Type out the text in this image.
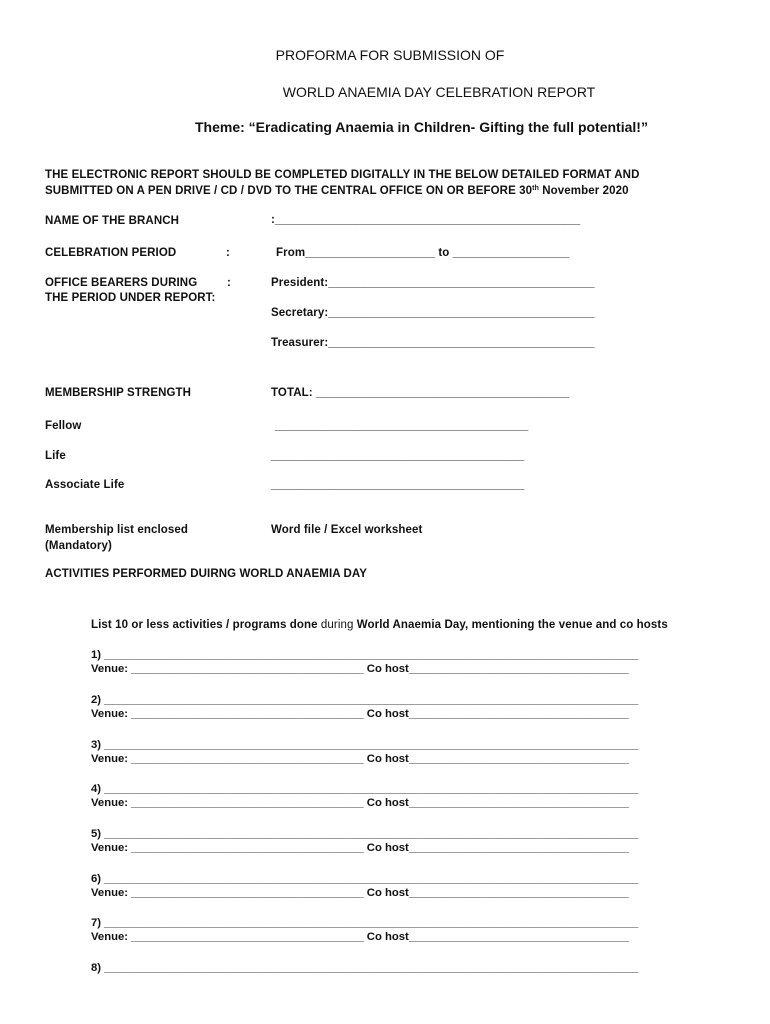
PROFORMA FOR SUBMISSION OF
WORLD ANAEMIA DAY CELEBRATION REPORT
Theme: “Eradicating Anaemia in Children- Gifting the full potential!”
THE ELECTRONIC REPORT SHOULD BE COMPLETED DIGITALLY IN THE BELOW DETAILED FORMAT AND
SUBMITTED ON A PEN DRIVE / CD / DVD TO THE CENTRAL OFFICE ON OR BEFORE 30th November 2020
NAME OF THE BRANCH	:_______________________________________________
CELEBRATION PERIOD	:	From____________________ to __________________
OFFICE BEARERS DURING	:
THE PERIOD UNDER REPORT:
President:_________________________________________
Secretary:_________________________________________
Treasurer:_________________________________________
MEMBERSHIP STRENGTH	TOTAL: _______________________________________
Fellow	_______________________________________
Life	_______________________________________
Associate Life	_______________________________________
Membership list enclosed
(Mandatory)
Word file / Excel worksheet
ACTIVITIES PERFORMED DUIRNG WORLD ANAEMIA DAY
List 10 or less activities / programs done during World Anaemia Day, mentioning the venue and co hosts
1) _____________________________________________________________________________________
Venue: _____________________________________ Co host___________________________________
2) _____________________________________________________________________________________
Venue: _____________________________________ Co host___________________________________
3) _____________________________________________________________________________________
Venue: _____________________________________ Co host___________________________________
4) _____________________________________________________________________________________
Venue: _____________________________________ Co host___________________________________
5) _____________________________________________________________________________________
Venue: _____________________________________ Co host___________________________________
6) _____________________________________________________________________________________
Venue: _____________________________________ Co host___________________________________
7) _____________________________________________________________________________________
Venue: _____________________________________ Co host___________________________________
8) _____________________________________________________________________________________
